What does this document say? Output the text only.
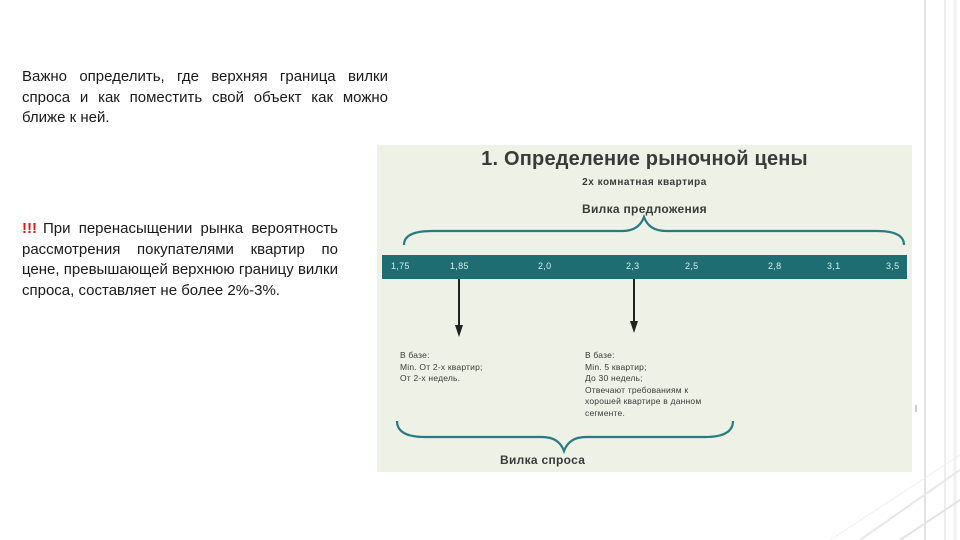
Важно определить, где верхняя граница вилки спроса и как поместить свой объект как можно ближе к ней.
!!! При перенасыщении рынка вероятность рассмотрения покупателями квартир по цене, превышающей верхнюю границу вилки спроса, составляет не более 2%-3%.
1. Определение рыночной цены
2х комнатная квартира
Вилка предложения
1,75	1,85	2,0	2,3	2,5	2,8	3,1	3,5
В базе:
Min. От 2-х квартир;
От 2-х недель.
В базе:
Min. 5 квартир;
До 30 недель;
Отвечают требованиям к
хорошей квартире в данном
сегменте.
Вилка спроса
